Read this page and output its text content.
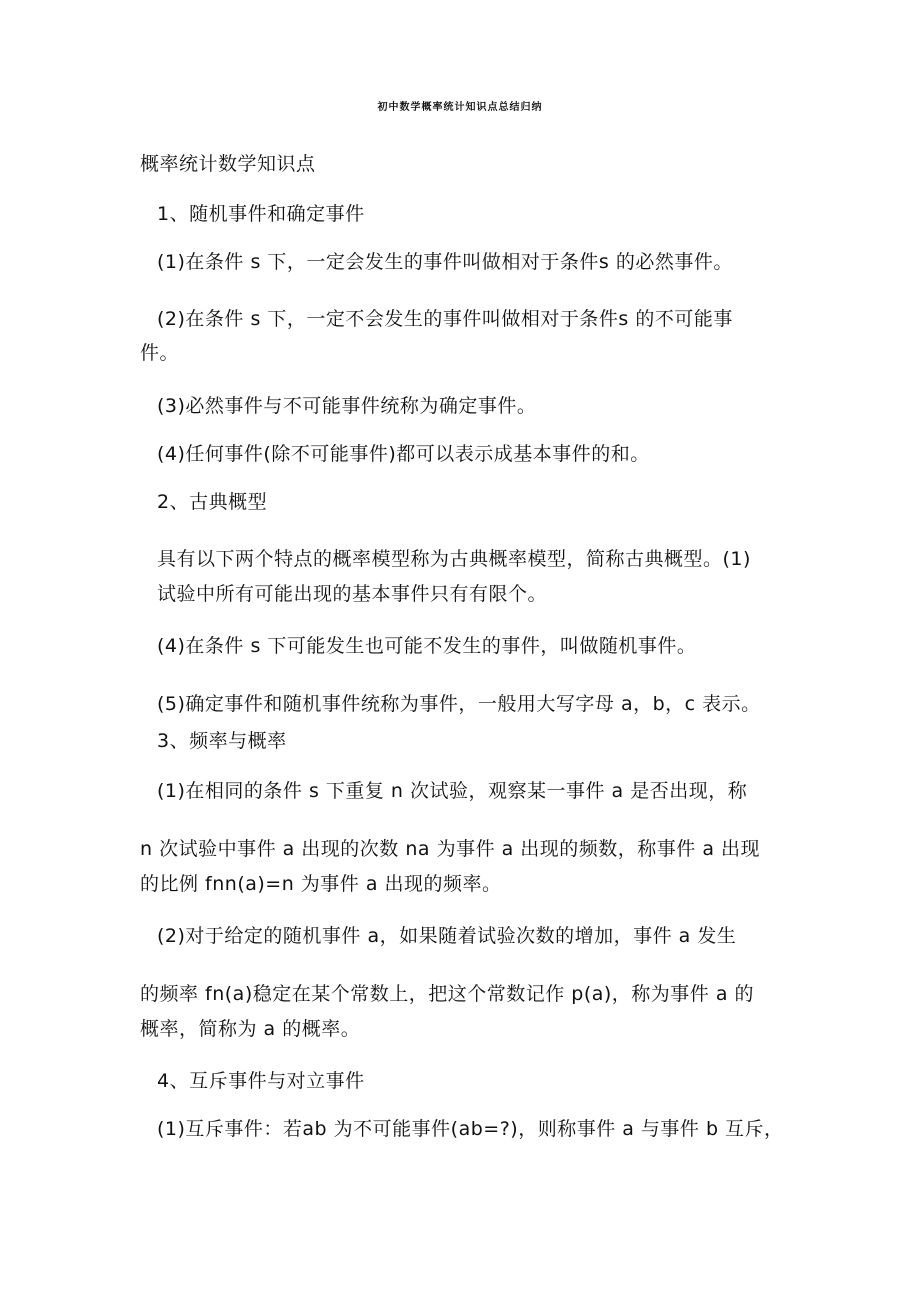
初中数学概率统计知识点总结归纳
概率统计数学知识点
1、随机事件和确定事件
(1)在条件 s 下，一定会发生的事件叫做相对于条件s 的必然事件。
(2)在条件 s 下，一定不会发生的事件叫做相对于条件s 的不可能事
件。
(3)必然事件与不可能事件统称为确定事件。
(4)任何事件(除不可能事件)都可以表示成基本事件的和。
2、古典概型
具有以下两个特点的概率模型称为古典概率模型，简称古典概型。(1)
试验中所有可能出现的基本事件只有有限个。
(4)在条件 s 下可能发生也可能不发生的事件，叫做随机事件。
(5)确定事件和随机事件统称为事件，一般用大写字母 a，b，c 表示。
3、频率与概率
(1)在相同的条件 s 下重复 n 次试验，观察某一事件 a 是否出现，称
n 次试验中事件 a 出现的次数 na 为事件 a 出现的频数，称事件 a 出现
的比例 fnn(a)=n 为事件 a 出现的频率。
(2)对于给定的随机事件 a，如果随着试验次数的增加，事件 a 发生
的频率 fn(a)稳定在某个常数上，把这个常数记作 p(a)，称为事件 a 的
概率，简称为 a 的概率。
4、互斥事件与对立事件
(1)互斥事件：若ab 为不可能事件(ab=?)，则称事件 a 与事件 b 互斥，
